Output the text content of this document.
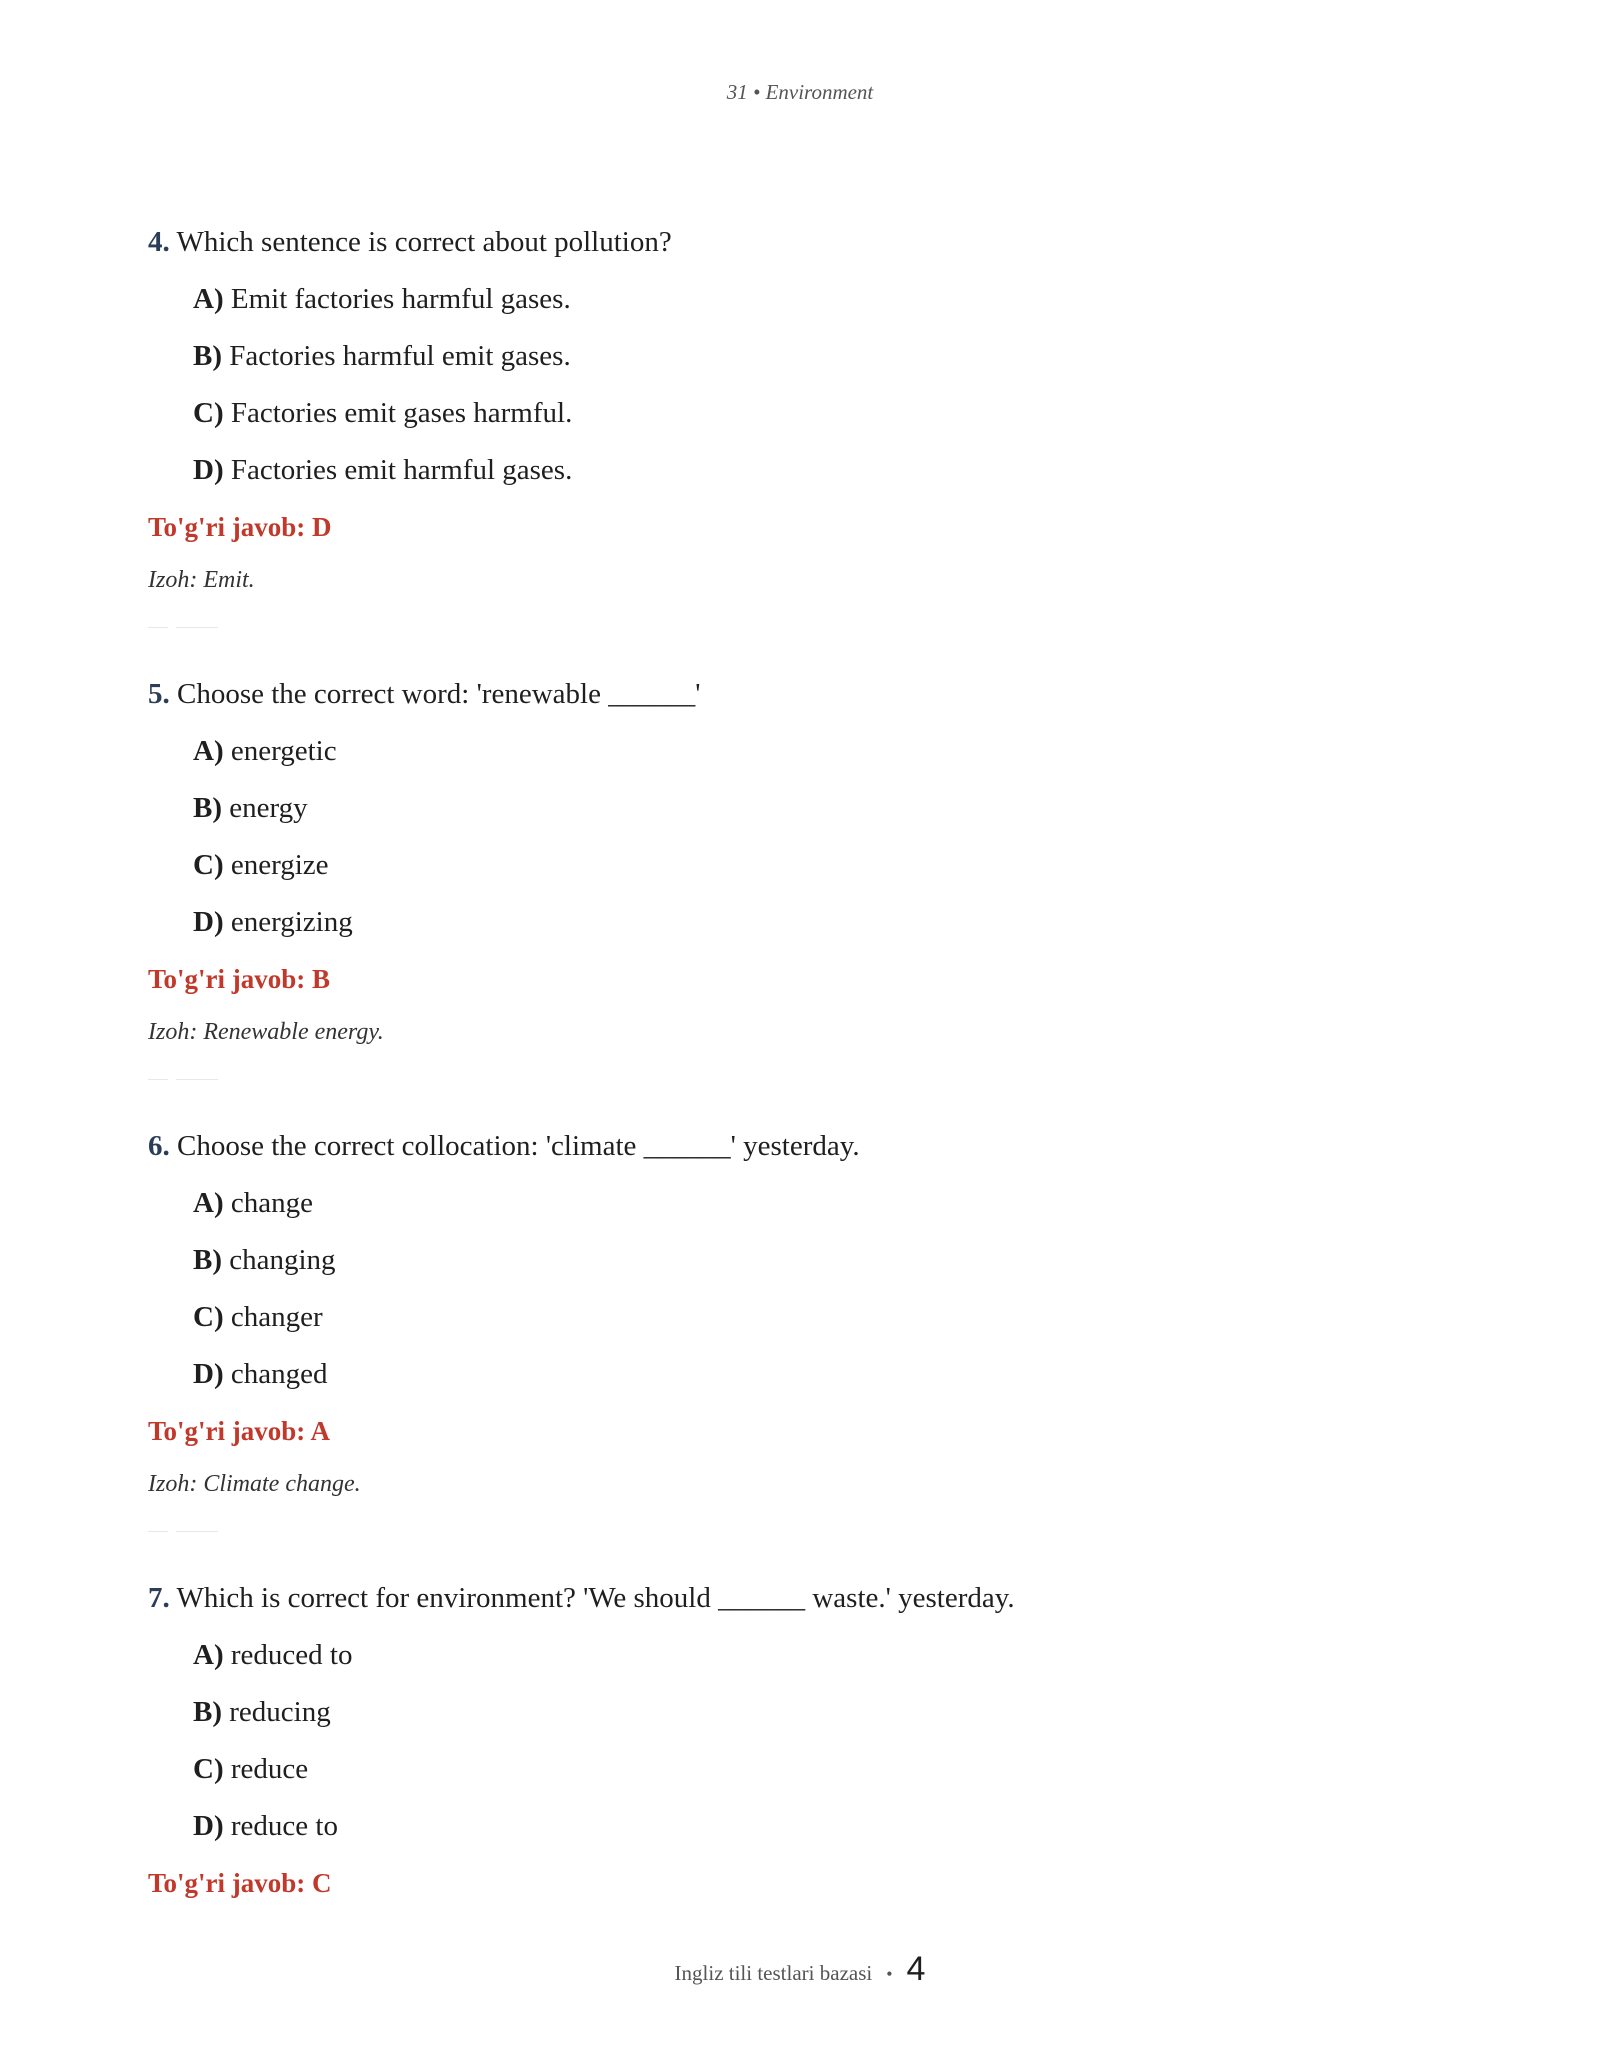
31 • Environment
4. Which sentence is correct about pollution?
A) Emit factories harmful gases.
B) Factories harmful emit gases.
C) Factories emit gases harmful.
D) Factories emit harmful gases.
To'g'ri javob: D
Izoh: Emit.
5. Choose the correct word: 'renewable ______'
A) energetic
B) energy
C) energize
D) energizing
To'g'ri javob: B
Izoh: Renewable energy.
6. Choose the correct collocation: 'climate ______' yesterday.
A) change
B) changing
C) changer
D) changed
To'g'ri javob: A
Izoh: Climate change.
7. Which is correct for environment? 'We should ______ waste.' yesterday.
A) reduced to
B) reducing
C) reduce
D) reduce to
To'g'ri javob: C
Ingliz tili testlari bazasi • 4
